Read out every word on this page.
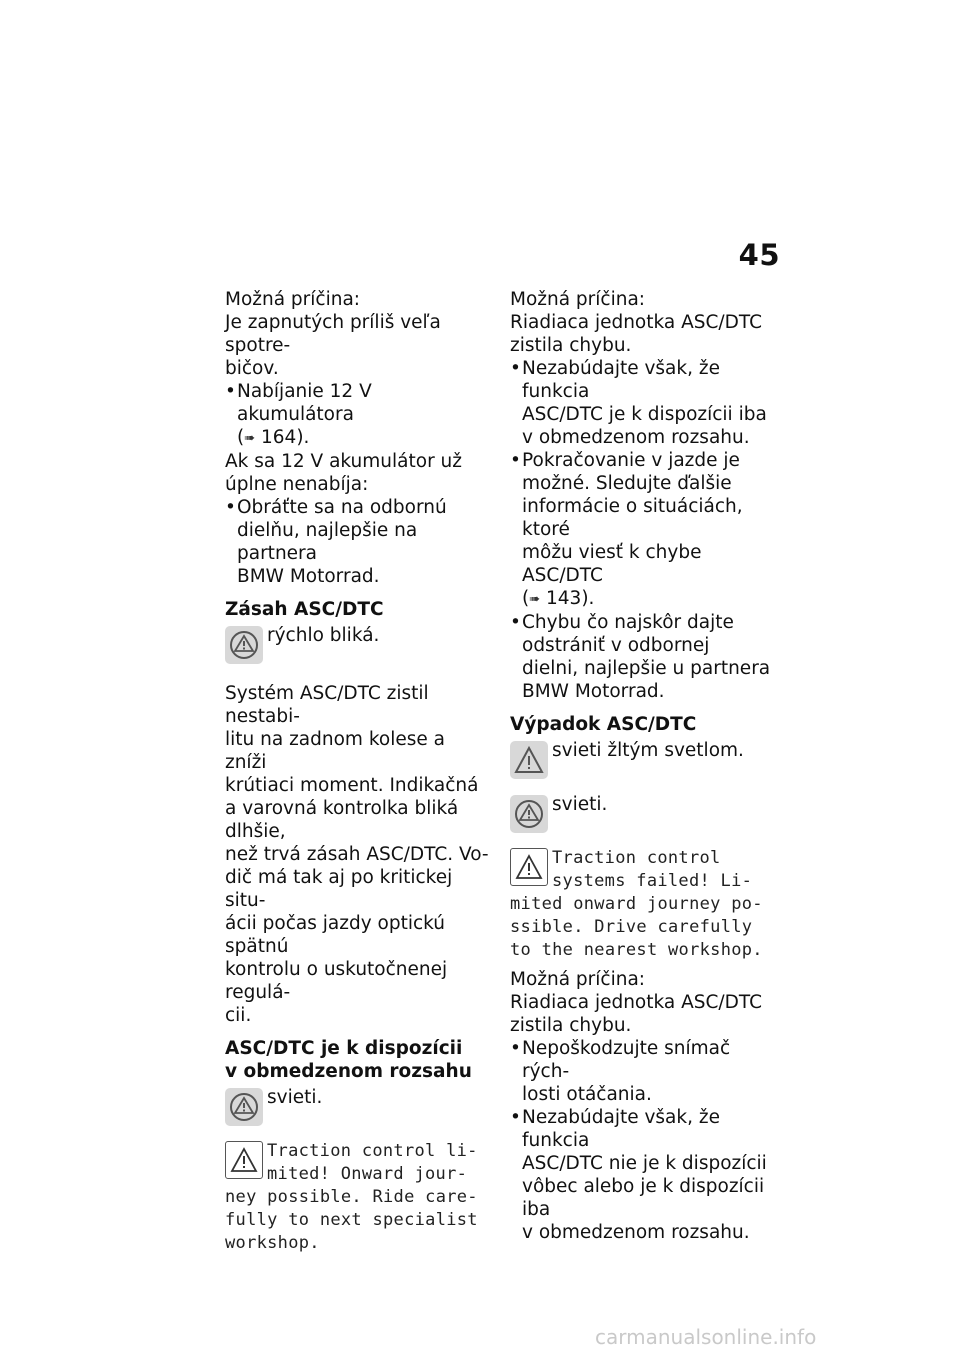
45

Možná príčina:

Je zapnutých príliš veľa spotre-

bičov.

• Nabíjanie 12 V akumulátora

(➠ 164).

Ak sa 12 V akumulátor už

úplne nenabíja:

• Obráťte sa na odbornú

dielňu, najlepšie na partnera

BMW Motorrad.

Zásah ASC/DTC

rýchlo bliká.

Systém ASC/DTC zistil nestabi-

litu na zadnom kolese a zníži

krútiaci moment. Indikačná

a varovná kontrolka bliká dlhšie,

než trvá zásah ASC/DTC. Vo-

dič má tak aj po kritickej situ-

ácii počas jazdy optickú spätnú

kontrolu o uskutočnenej regulá-

cii.

ASC/DTC je k dispozícii

v obmedzenom rozsahu

svieti.
Traction control li-
mited! Onward jour-
ney possible. Ride care-
fully to next specialist
workshop.

Možná príčina:

Riadiaca jednotka ASC/DTC

zistila chybu.

• Nezabúdajte však, že funkcia

ASC/DTC je k dispozícii iba

v obmedzenom rozsahu.

• Pokračovanie v jazde je

možné. Sledujte ďalšie

informácie o situáciách, ktoré

môžu viesť k chybe ASC/DTC

(➠ 143).

• Chybu čo najskôr dajte

odstrániť v odbornej

dielni, najlepšie u partnera

BMW Motorrad.

Výpadok ASC/DTC

svieti žltým svetlom.
svieti.
Traction control
systems failed! Li-
mited onward journey po-
ssible. Drive carefully
to the nearest workshop.

Možná príčina:

Riadiaca jednotka ASC/DTC

zistila chybu.

• Nepoškodzujte snímač rých-

losti otáčania.

• Nezabúdajte však, že funkcia

ASC/DTC nie je k dispozícii

vôbec alebo je k dispozícii iba

v obmedzenom rozsahu.

carmanualsonline.info
